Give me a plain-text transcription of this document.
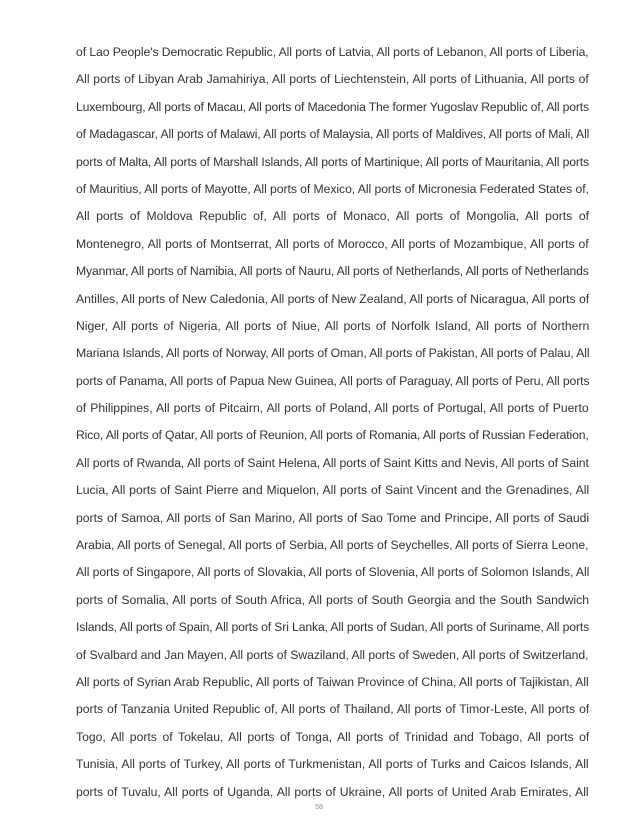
of Lao People's Democratic Republic, All ports of Latvia, All ports of Lebanon, All ports of Liberia,
All ports of Libyan Arab Jamahiriya, All ports of Liechtenstein, All ports of Lithuania, All ports of
Luxembourg, All ports of Macau, All ports of Macedonia The former Yugoslav Republic of, All ports
of Madagascar, All ports of Malawi, All ports of Malaysia, All ports of Maldives, All ports of Mali, All
ports of Malta, All ports of Marshall Islands, All ports of Martinique, All ports of Mauritania, All ports
of Mauritius, All ports of Mayotte, All ports of Mexico, All ports of Micronesia Federated States of,
All ports of Moldova Republic of, All ports of Monaco, All ports of Mongolia, All ports of
Montenegro, All ports of Montserrat, All ports of Morocco, All ports of Mozambique, All ports of
Myanmar, All ports of Namibia, All ports of Nauru, All ports of Netherlands, All ports of Netherlands
Antilles, All ports of New Caledonia, All ports of New Zealand, All ports of Nicaragua, All ports of
Niger, All ports of Nigeria, All ports of Niue, All ports of Norfolk Island, All ports of Northern
Mariana Islands, All ports of Norway, All ports of Oman, All ports of Pakistan, All ports of Palau, All
ports of Panama, All ports of Papua New Guinea, All ports of Paraguay, All ports of Peru, All ports
of Philippines, All ports of Pitcairn, All ports of Poland, All ports of Portugal, All ports of Puerto
Rico, All ports of Qatar, All ports of Reunion, All ports of Romania, All ports of Russian Federation,
All ports of Rwanda, All ports of Saint Helena, All ports of Saint Kitts and Nevis, All ports of Saint
Lucia, All ports of Saint Pierre and Miquelon, All ports of Saint Vincent and the Grenadines, All
ports of Samoa, All ports of San Marino, All ports of Sao Tome and Principe, All ports of Saudi
Arabia, All ports of Senegal, All ports of Serbia, All ports of Seychelles, All ports of Sierra Leone,
All ports of Singapore, All ports of Slovakia, All ports of Slovenia, All ports of Solomon Islands, All
ports of Somalia, All ports of South Africa, All ports of South Georgia and the South Sandwich
Islands, All ports of Spain, All ports of Sri Lanka, All ports of Sudan, All ports of Suriname, All ports
of Svalbard and Jan Mayen, All ports of Swaziland, All ports of Sweden, All ports of Switzerland,
All ports of Syrian Arab Republic, All ports of Taiwan Province of China, All ports of Tajikistan, All
ports of Tanzania United Republic of, All ports of Thailand, All ports of Timor-Leste, All ports of
Togo, All ports of Tokelau, All ports of Tonga, All ports of Trinidad and Tobago, All ports of
Tunisia, All ports of Turkey, All ports of Turkmenistan, All ports of Turks and Caicos Islands, All
ports of Tuvalu, All ports of Uganda, All ports of Ukraine, All ports of United Arab Emirates, All
58
